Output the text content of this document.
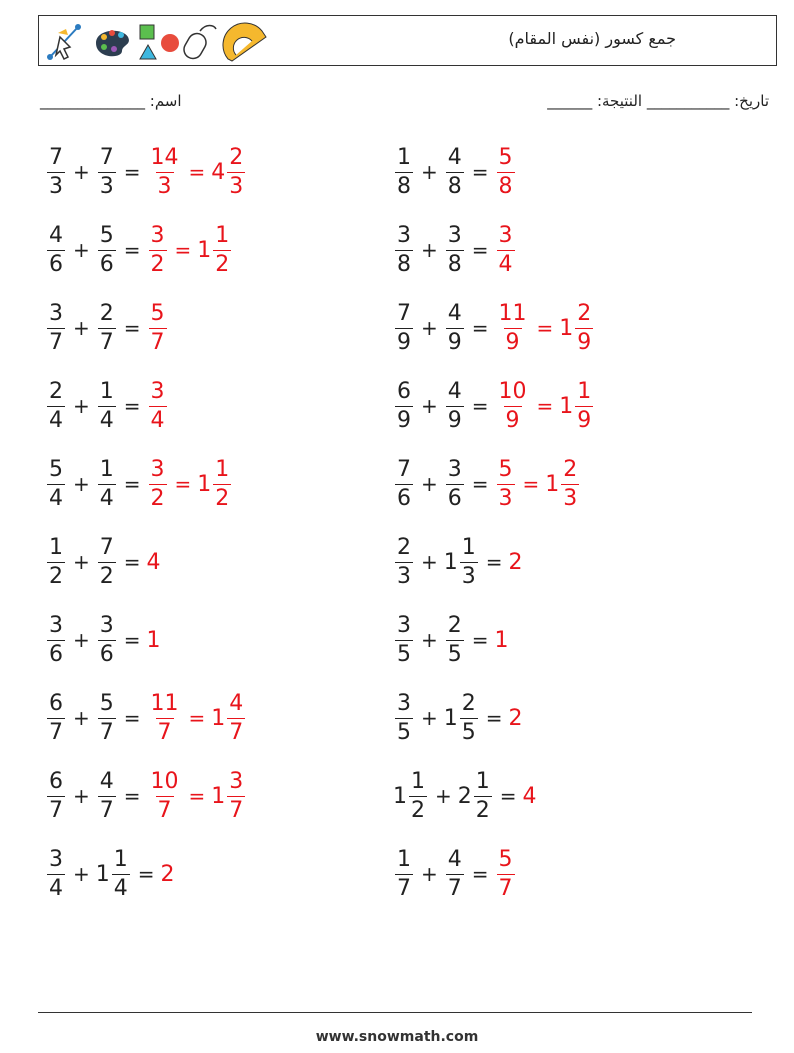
جمع كسور (نفس المقام)
اسم: ______________	______ :تاريخ: ___________ النتيجة
$\frac{7}{3} + \frac{7}{3} = \frac{14}{3} = 4 \frac{2}{3}$
$\frac{4}{6} + \frac{5}{6} = \frac{3}{2} = 1 \frac{1}{2}$
$\frac{3}{7} + \frac{2}{7} = \frac{5}{7}$
$\frac{2}{4} + \frac{1}{4} = \frac{3}{4}$
$\frac{5}{4} + \frac{1}{4} = \frac{3}{2} = 1 \frac{1}{2}$
$\frac{1}{2} + \frac{7}{2} = 4$
$\frac{3}{6} + \frac{3}{6} = 1$
$\frac{6}{7} + \frac{5}{7} = \frac{11}{7} = 1 \frac{4}{7}$
$\frac{6}{7} + \frac{4}{7} = \frac{10}{7} = 1 \frac{3}{7}$
$\frac{3}{4} + 1 \frac{1}{4} = 2$
$\frac{1}{8} + \frac{4}{8} = \frac{5}{8}$
$\frac{3}{8} + \frac{3}{8} = \frac{3}{4}$
$\frac{7}{9} + \frac{4}{9} = \frac{11}{9} = 1 \frac{2}{9}$
$\frac{6}{9} + \frac{4}{9} = \frac{10}{9} = 1 \frac{1}{9}$
$\frac{7}{6} + \frac{3}{6} = \frac{5}{3} = 1 \frac{2}{3}$
$\frac{2}{3} + 1 \frac{1}{3} = 2$
$\frac{3}{5} + \frac{2}{5} = 1$
$\frac{3}{5} + 1 \frac{2}{5} = 2$
$1 \frac{1}{2} + 2 \frac{1}{2} = 4$
$\frac{1}{7} + \frac{4}{7} = \frac{5}{7}$
www.snowmath.com
